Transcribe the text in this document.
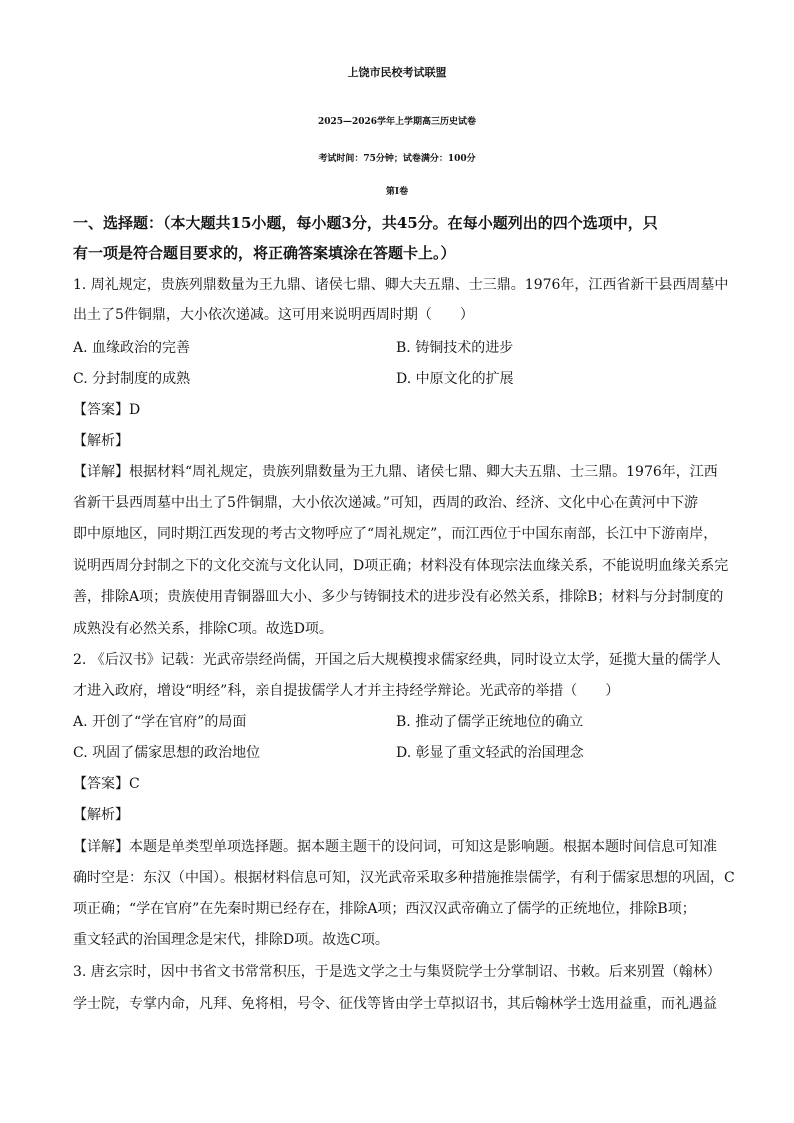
上饶市民校考试联盟
2025—2026学年上学期高三历史试卷
考试时间：75分钟；试卷满分：100分
第Ⅰ卷
一、选择题：（本大题共15小题，每小题3分，共45分。在每小题列出的四个选项中，只
有一项是符合题目要求的，将正确答案填涂在答题卡上。）
1. 周礼规定，贵族列鼎数量为王九鼎、诸侯七鼎、卿大夫五鼎、士三鼎。1976年，江西省新干县西周墓中
出土了5件铜鼎，大小依次递减。这可用来说明西周时期（　　）
A. 血缘政治的完善	B. 铸铜技术的进步
C. 分封制度的成熟	D. 中原文化的扩展
【答案】D
【解析】
【详解】根据材料“周礼规定，贵族列鼎数量为王九鼎、诸侯七鼎、卿大夫五鼎、士三鼎。1976年，江西
省新干县西周墓中出土了5件铜鼎，大小依次递减。”可知，西周的政治、经济、文化中心在黄河中下游
即中原地区，同时期江西发现的考古文物呼应了“周礼规定”，而江西位于中国东南部，长江中下游南岸，
说明西周分封制之下的文化交流与文化认同，D项正确；材料没有体现宗法血缘关系，不能说明血缘关系完
善，排除A项；贵族使用青铜器皿大小、多少与铸铜技术的进步没有必然关系，排除B；材料与分封制度的
成熟没有必然关系，排除C项。故选D项。
2. 《后汉书》记载：光武帝崇经尚儒，开国之后大规模搜求儒家经典，同时设立太学，延揽大量的儒学人
才进入政府，增设“明经”科，亲自提拔儒学人才并主持经学辩论。光武帝的举措（　　）
A. 开创了“学在官府”的局面	B. 推动了儒学正统地位的确立
C. 巩固了儒家思想的政治地位	D. 彰显了重文轻武的治国理念
【答案】C
【解析】
【详解】本题是单类型单项选择题。据本题主题干的设问词，可知这是影响题。根据本题时间信息可知准
确时空是：东汉（中国）。根据材料信息可知，汉光武帝采取多种措施推崇儒学，有利于儒家思想的巩固，C
项正确；“学在官府”在先秦时期已经存在，排除A项；西汉汉武帝确立了儒学的正统地位，排除B项；
重文轻武的治国理念是宋代，排除D项。故选C项。
3. 唐玄宗时，因中书省文书常常积压，于是选文学之士与集贤院学士分掌制诏、书敕。后来别置（翰林）
学士院，专掌内命，凡拜、免将相，号令、征伐等皆由学士草拟诏书，其后翰林学士选用益重，而礼遇益
